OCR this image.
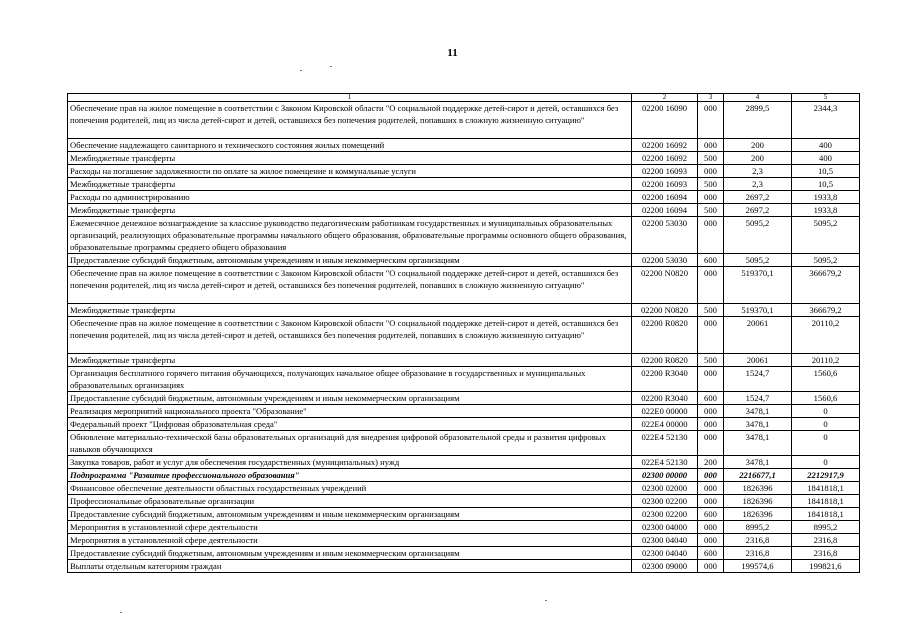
11
1	2	3	4	5
Обеспечение прав на жилое помещение в соответствии с Законом Кировской области "О социальной поддержке детей-сирот и детей, оставшихся без попечения родителей, лиц из числа детей-сирот и детей, оставшихся без попечения родителей, попавших в сложную жизненную ситуацию"	02200 16090	000	2899,5	2344,3
Обеспечение надлежащего санитарного и технического состояния жилых помещений	02200 16092	000	200	400
Межбюджетные трансферты	02200 16092	500	200	400
Расходы на погашение задолженности по оплате за жилое помещение и коммунальные услуги	02200 16093	000	2,3	10,5
Межбюджетные трансферты	02200 16093	500	2,3	10,5
Расходы по администрированию	02200 16094	000	2697,2	1933,8
Межбюджетные трансферты	02200 16094	500	2697,2	1933,8
Ежемесячное денежное вознаграждение за классное руководство педагогическим работникам государственных и муниципальных образовательных организаций, реализующих образовательные программы начального общего образования, образовательные программы основного общего образования, образовательные программы среднего общего образования	02200 53030	000	5095,2	5095,2
Предоставление субсидий бюджетным, автономным учреждениям и иным некоммерческим организациям	02200 53030	600	5095,2	5095,2
Обеспечение прав на жилое помещение в соответствии с Законом Кировской области "О социальной поддержке детей-сирот и детей, оставшихся без попечения родителей, лиц из числа детей-сирот и детей, оставшихся без попечения родителей, попавших в сложную жизненную ситуацию"	02200 N0820	000	519370,1	366679,2
Межбюджетные трансферты	02200 N0820	500	519370,1	366679,2
Обеспечение прав на жилое помещение в соответствии с Законом Кировской области "О социальной поддержке детей-сирот и детей, оставшихся без попечения родителей, лиц из числа детей-сирот и детей, оставшихся без попечения родителей, попавших в сложную жизненную ситуацию"	02200 R0820	000	20061	20110,2
Межбюджетные трансферты	02200 R0820	500	20061	20110,2
Организация бесплатного горячего питания обучающихся, получающих начальное общее образование в государственных и муниципальных образовательных организациях	02200 R3040	000	1524,7	1560,6
Предоставление субсидий бюджетным, автономным учреждениям и иным некоммерческим организациям	02200 R3040	600	1524,7	1560,6
Реализация мероприятий национального проекта "Образование"	022E0 00000	000	3478,1	0
Федеральный проект "Цифровая образовательная среда"	022E4 00000	000	3478,1	0
Обновление материально-технической базы образовательных организаций для внедрения цифровой образовательной среды и развития цифровых навыков обучающихся	022E4 52130	000	3478,1	0
Закупка товаров, работ и услуг для обеспечения государственных (муниципальных) нужд	022E4 52130	200	3478,1	0
Подпрограмма "Развитие профессионального образования"	02300 00000	000	2216677,1	2212917,9
Финансовое обеспечение деятельности областных государственных учреждений	02300 02000	000	1826396	1841818,1
Профессиональные образовательные организации	02300 02200	000	1826396	1841818,1
Предоставление субсидий бюджетным, автономным учреждениям и иным некоммерческим организациям	02300 02200	600	1826396	1841818,1
Мероприятия в установленной сфере деятельности	02300 04000	000	8995,2	8995,2
Мероприятия в установленной сфере деятельности	02300 04040	000	2316,8	2316,8
Предоставление субсидий бюджетным, автономным учреждениям и иным некоммерческим организациям	02300 04040	600	2316,8	2316,8
Выплаты отдельным категориям граждан	02300 09000	000	199574,6	199821,6
